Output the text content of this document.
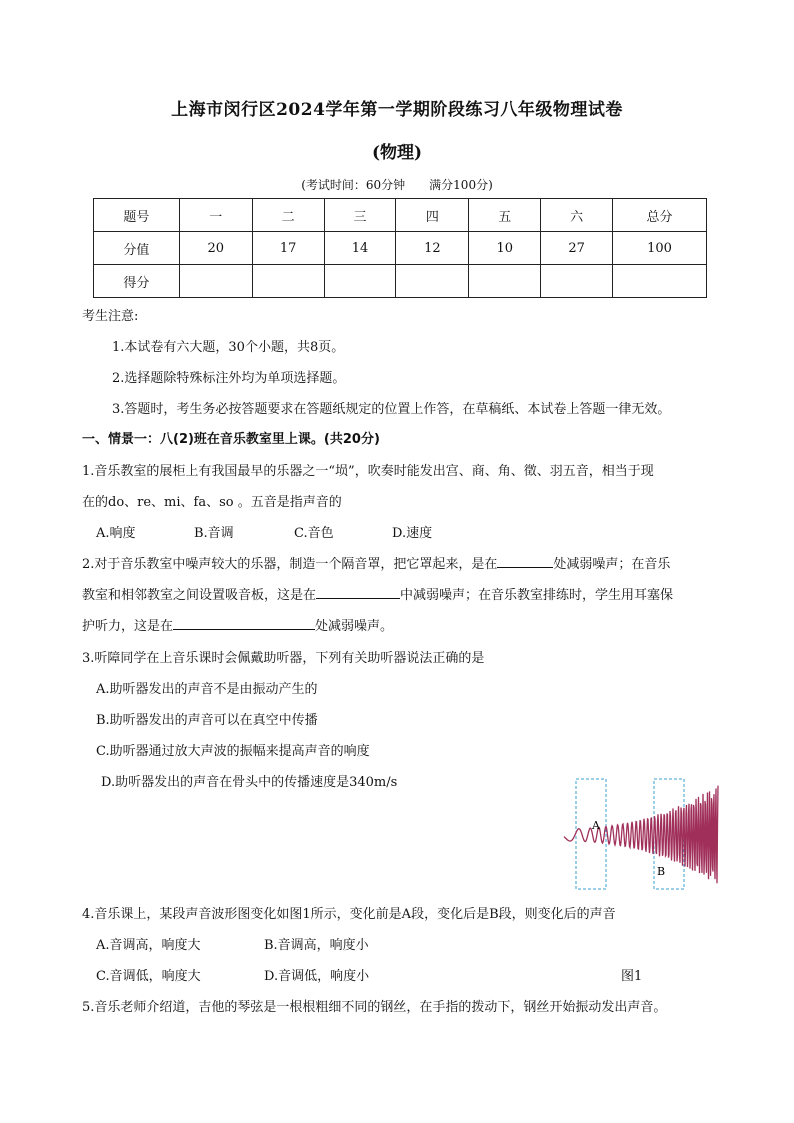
上海市闵行区2024学年第一学期阶段练习八年级物理试卷
(物理)
(考试时间：60分钟　　满分100分)
题号	一	二	三	四	五	六	总分
分值	20	17	14	12	10	27	100
得分							
考生注意:
1.本试卷有六大题，30个小题，共8页。
2.选择题除特殊标注外均为单项选择题。
3.答题时，考生务必按答题要求在答题纸规定的位置上作答，在草稿纸、本试卷上答题一律无效。
一、情景一：八(2)班在音乐教室里上课。(共20分)
1.音乐教室的展柜上有我国最早的乐器之一“埙”，吹奏时能发出宫、商、角、徵、羽五音，相当于现
在的do、re、mi、fa、so 。五音是指声音的
A.响度	B.音调	C.音色	D.速度
2.对于音乐教室中噪声较大的乐器，制造一个隔音罩，把它罩起来，是在	处减弱噪声；在音乐
教室和相邻教室之间设置吸音板，这是在	中减弱噪声；在音乐教室排练时，学生用耳塞保
护听力，这是在	处减弱噪声。
3.听障同学在上音乐课时会佩戴助听器，下列有关助听器说法正确的是
A.助听器发出的声音不是由振动产生的
B.助听器发出的声音可以在真空中传播
C.助听器通过放大声波的振幅来提高声音的响度
D.助听器发出的声音在骨头中的传播速度是340m/s
A
B
4.音乐课上，某段声音波形图变化如图1所示，变化前是A段，变化后是B段，则变化后的声音
A.音调高，响度大	B.音调高，响度小
C.音调低，响度大	D.音调低，响度小	图1
5.音乐老师介绍道，吉他的琴弦是一根根粗细不同的钢丝，在手指的拨动下，钢丝开始振动发出声音。
